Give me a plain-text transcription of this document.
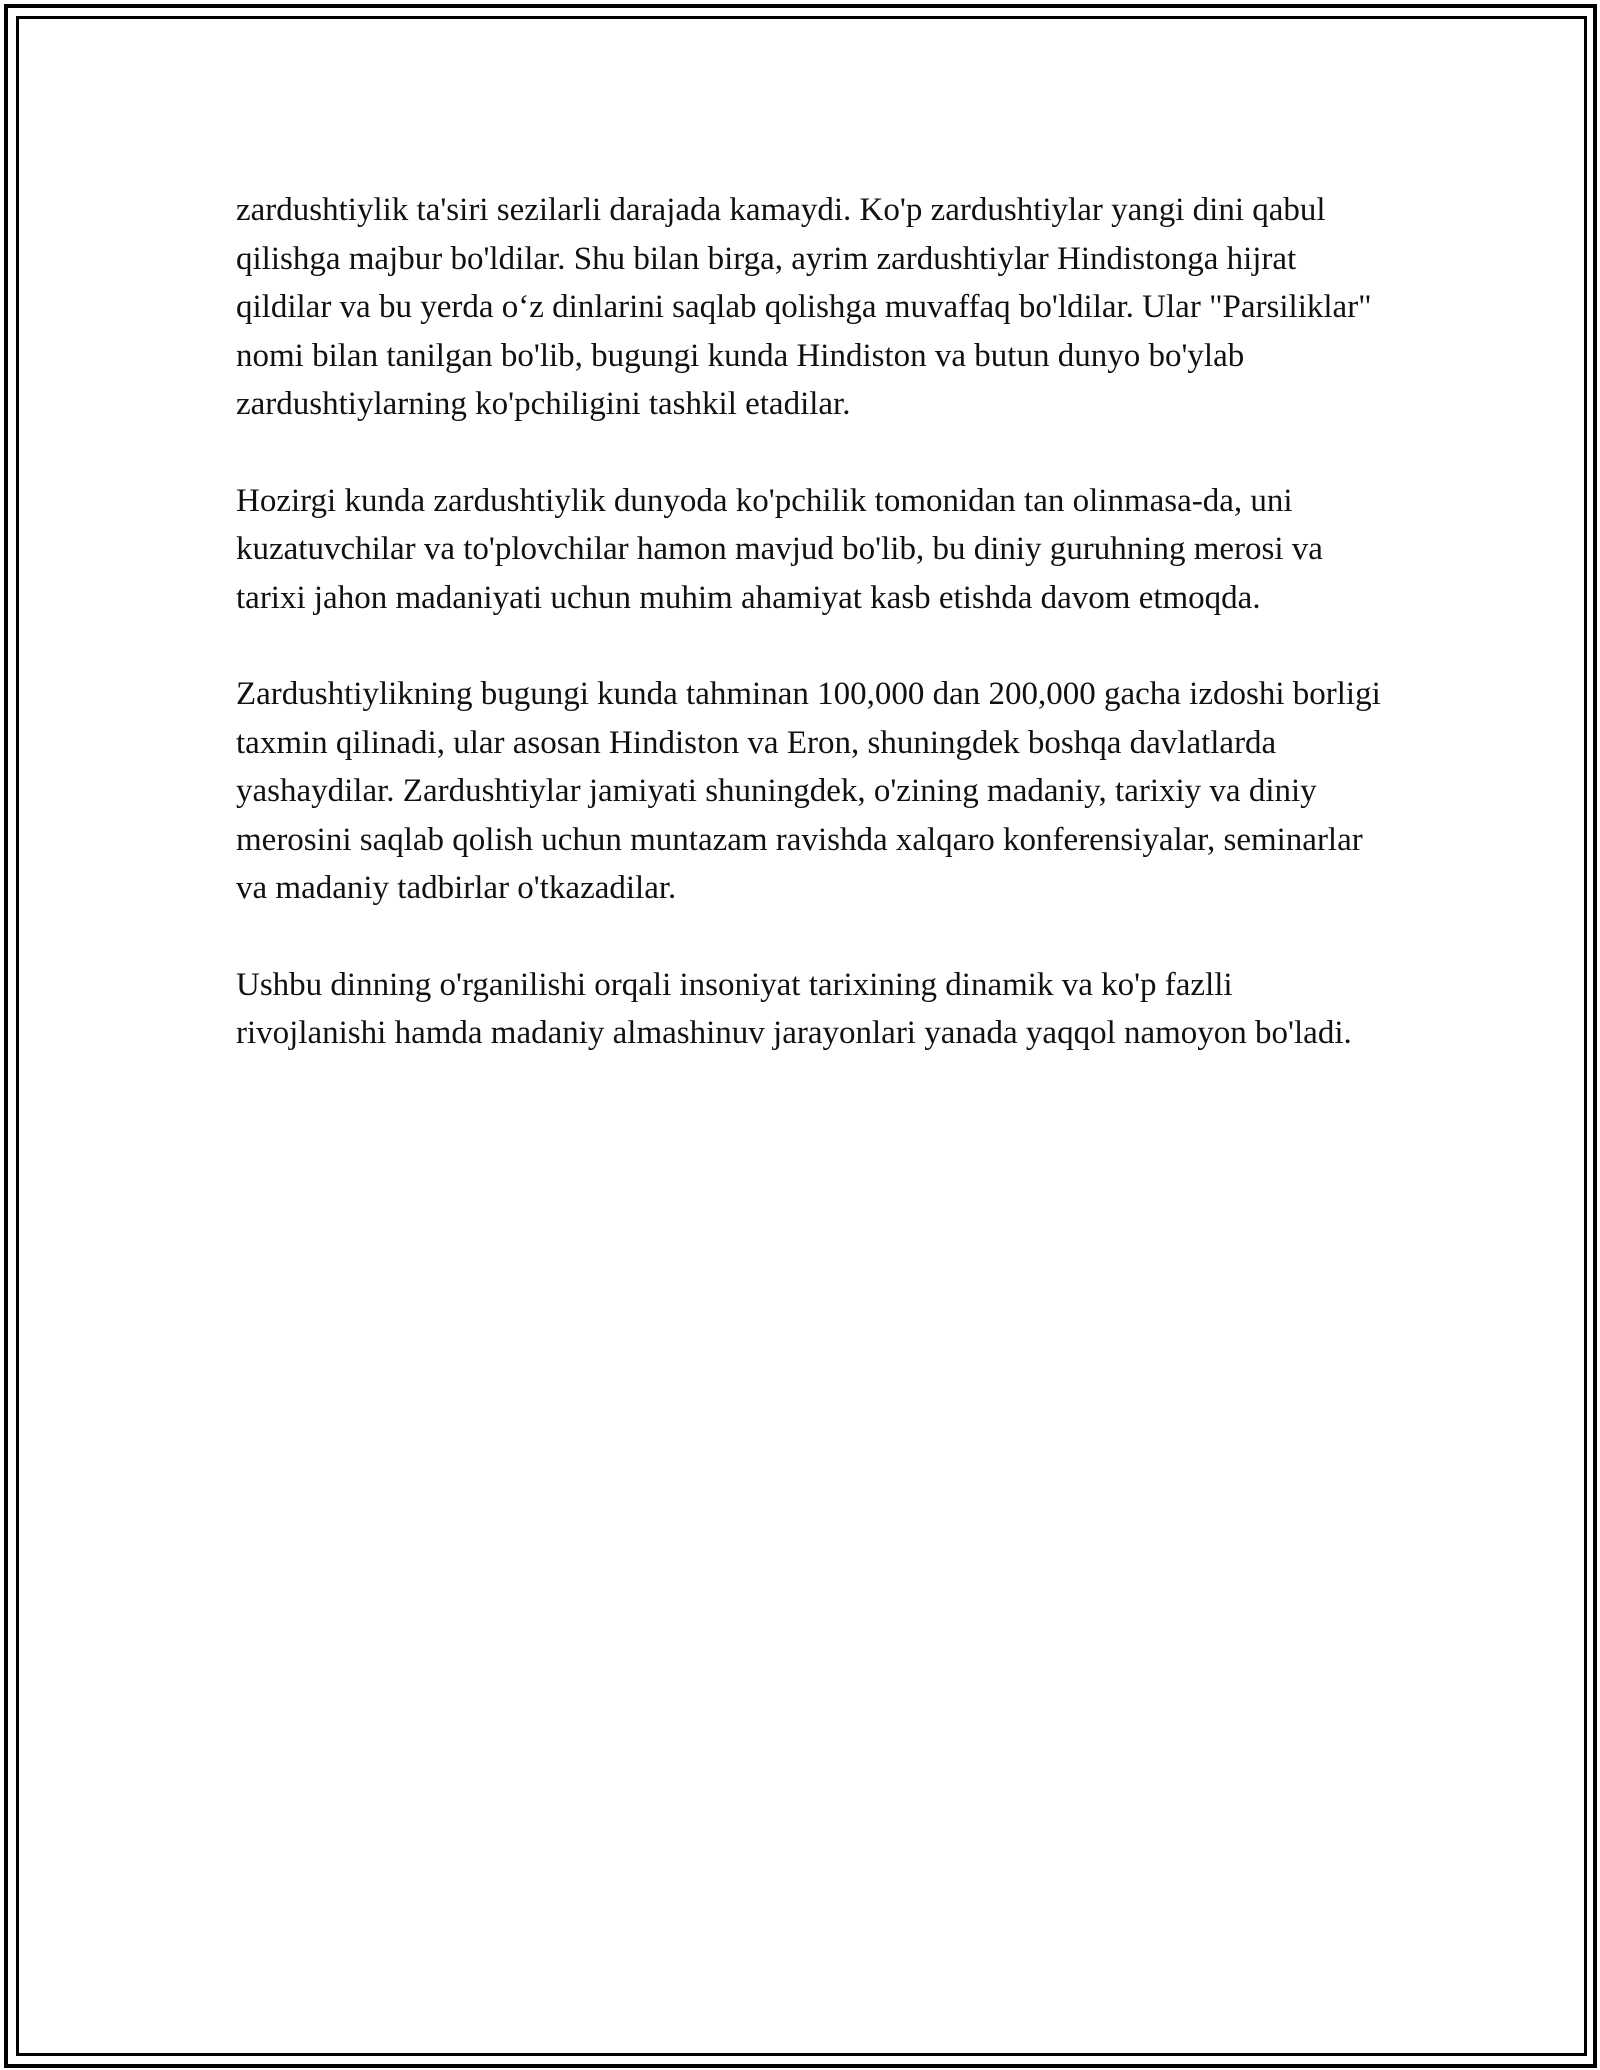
zardushtiylik ta'siri sezilarli darajada kamaydi. Ko'p zardushtiylar yangi dini qabul qilishga majbur bo'ldilar. Shu bilan birga, ayrim zardushtiylar Hindistonga hijrat qildilar va bu yerda o‘z dinlarini saqlab qolishga muvaffaq bo'ldilar. Ular "Parsiliklar" nomi bilan tanilgan bo'lib, bugungi kunda Hindiston va butun dunyo bo'ylab zardushtiylarning ko'pchiligini tashkil etadilar.

Hozirgi kunda zardushtiylik dunyoda ko'pchilik tomonidan tan olinmasa-da, uni kuzatuvchilar va to'plovchilar hamon mavjud bo'lib, bu diniy guruhning merosi va tarixi jahon madaniyati uchun muhim ahamiyat kasb etishda davom etmoqda.

Zardushtiylikning bugungi kunda tahminan 100,000 dan 200,000 gacha izdoshi borligi taxmin qilinadi, ular asosan Hindiston va Eron, shuningdek boshqa davlatlarda yashaydilar. Zardushtiylar jamiyati shuningdek, o'zining madaniy, tarixiy va diniy merosini saqlab qolish uchun muntazam ravishda xalqaro konferensiyalar, seminarlar va madaniy tadbirlar o'tkazadilar.

Ushbu dinning o'rganilishi orqali insoniyat tarixining dinamik va ko'p fazlli rivojlanishi hamda madaniy almashinuv jarayonlari yanada yaqqol namoyon bo'ladi.
